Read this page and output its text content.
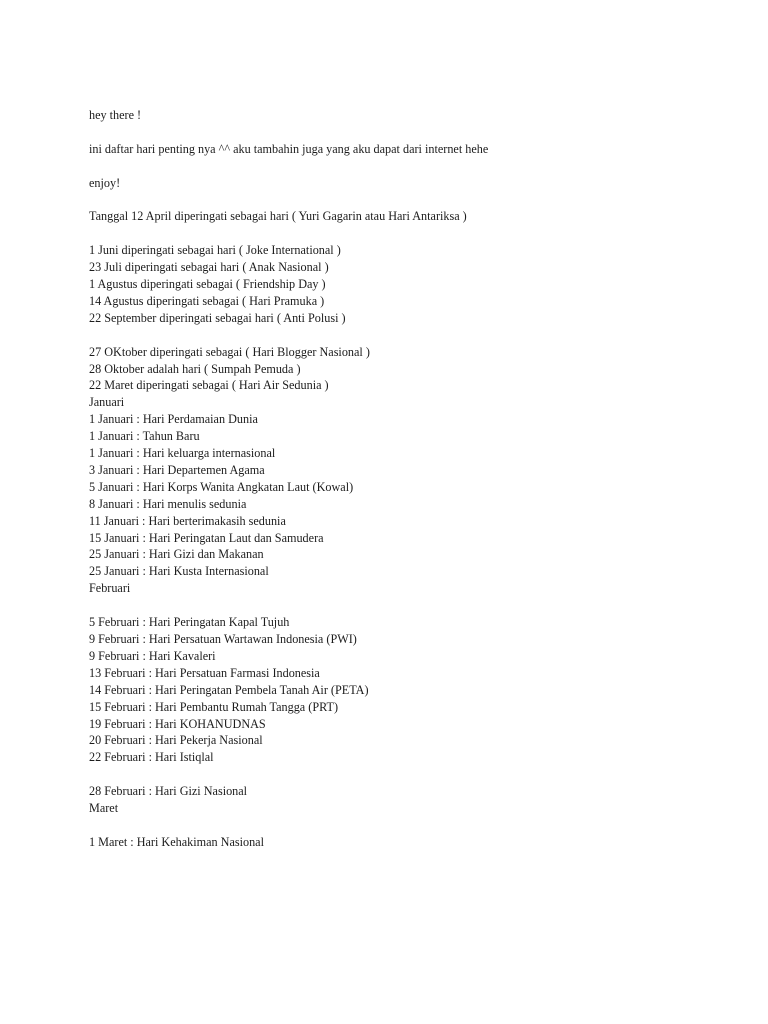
hey there !

ini daftar hari penting nya ^^ aku tambahin juga yang aku dapat dari internet hehe

enjoy!

Tanggal 12 April diperingati sebagai hari ( Yuri Gagarin atau Hari Antariksa )

1 Juni diperingati sebagai hari ( Joke International )
23 Juli diperingati sebagai hari ( Anak Nasional )
1 Agustus diperingati sebagai ( Friendship Day )
14 Agustus diperingati sebagai ( Hari Pramuka )
22 September diperingati sebagai hari ( Anti Polusi )
27 OKtober diperingati sebagai ( Hari Blogger Nasional )
28 Oktober adalah hari ( Sumpah Pemuda )
22 Maret diperingati sebagai ( Hari Air Sedunia )

Januari

1 Januari : Hari Perdamaian Dunia
1 Januari : Tahun Baru
1 Januari : Hari keluarga internasional
3 Januari : Hari Departemen Agama
5 Januari : Hari Korps Wanita Angkatan Laut (Kowal)
8 Januari : Hari menulis sedunia
11 Januari : Hari berterimakasih sedunia
15 Januari : Hari Peringatan Laut dan Samudera
25 Januari : Hari Gizi dan Makanan
25 Januari : Hari Kusta Internasional

Februari

5 Februari : Hari Peringatan Kapal Tujuh
9 Februari : Hari Persatuan Wartawan Indonesia (PWI)
9 Februari : Hari Kavaleri
13 Februari : Hari Persatuan Farmasi Indonesia
14 Februari : Hari Peringatan Pembela Tanah Air (PETA)
15 Februari : Hari Pembantu Rumah Tangga (PRT)
19 Februari : Hari KOHANUDNAS
20 Februari : Hari Pekerja Nasional
22 Februari : Hari Istiqlal
28 Februari : Hari Gizi Nasional

Maret

1 Maret : Hari Kehakiman Nasional
